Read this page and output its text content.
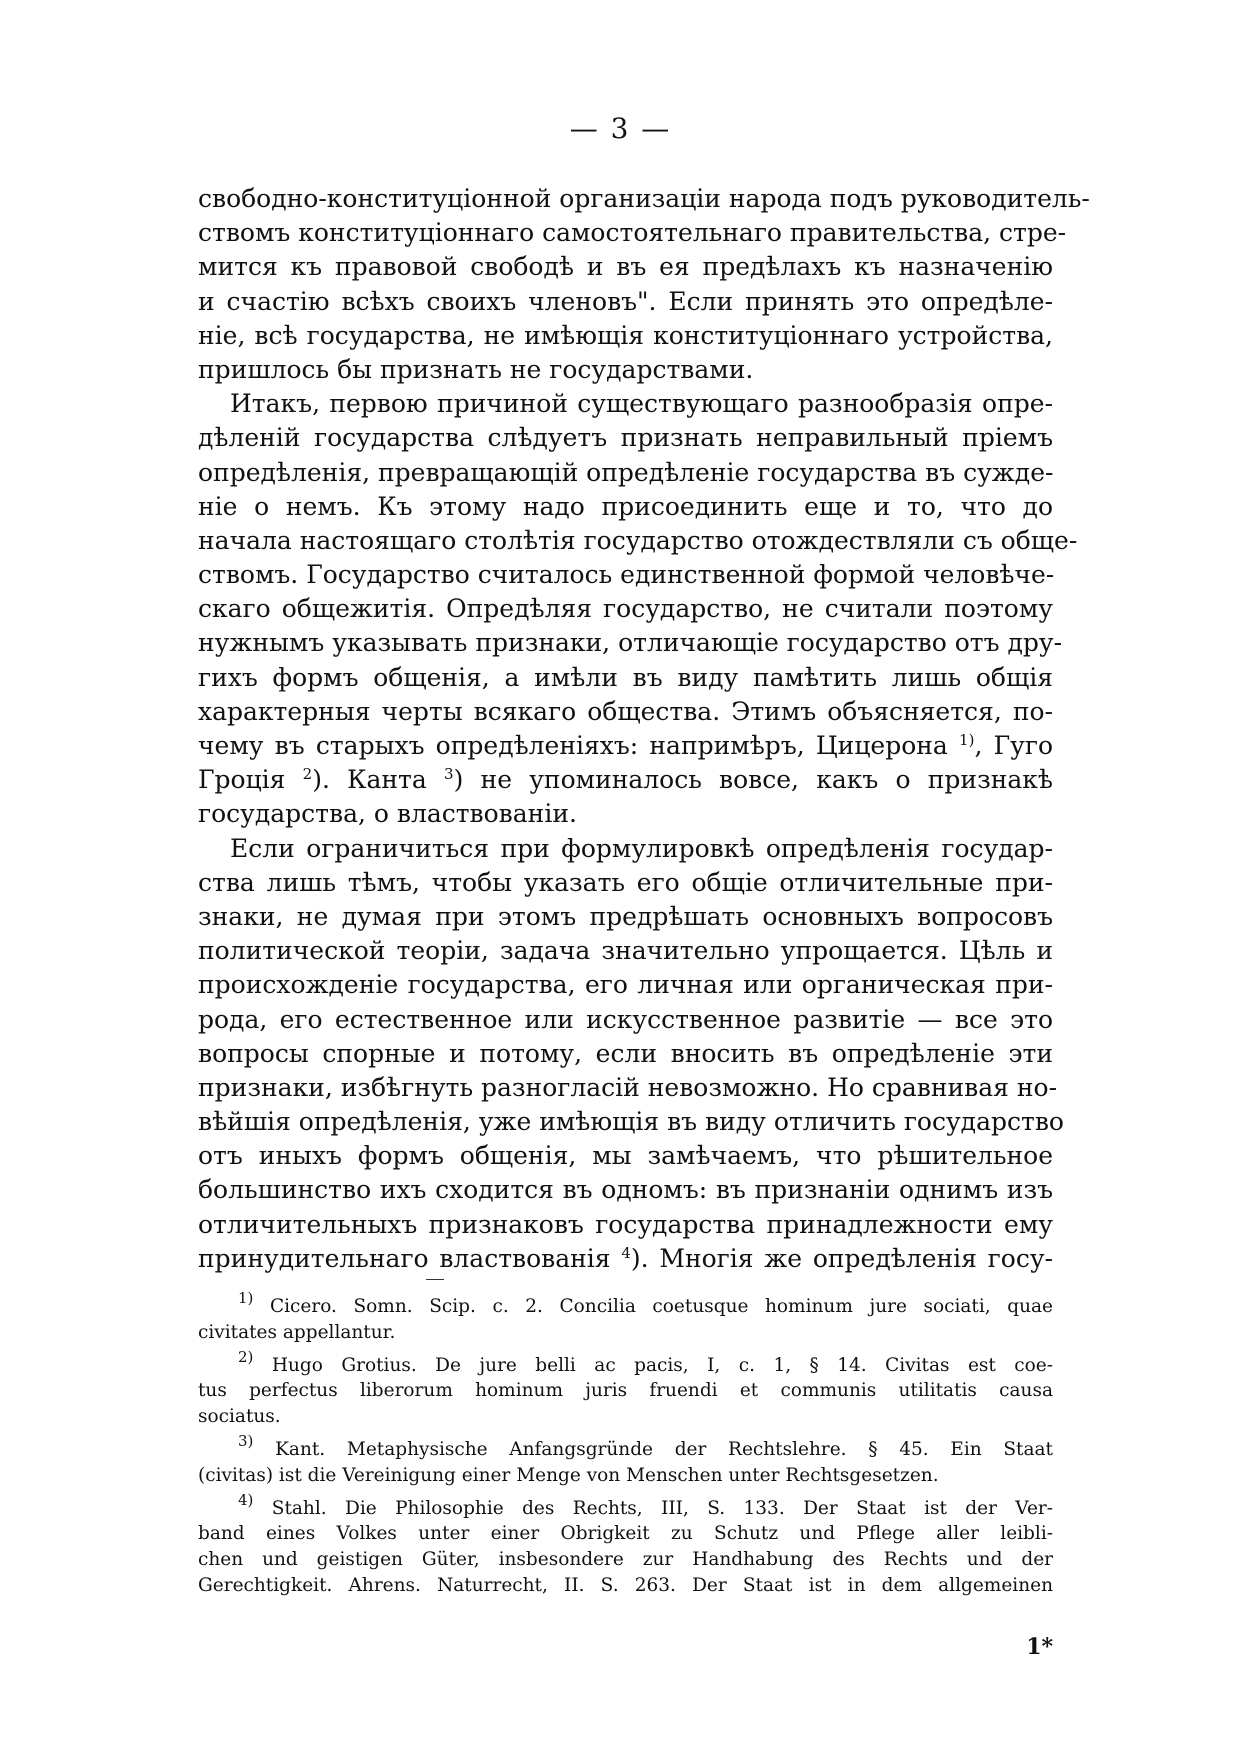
— 3 —
свободно-конституціонной организаціи народа подъ руководитель-
ствомъ конституціоннаго самостоятельнаго правительства, стре-
мится къ правовой свободѣ и въ ея предѣлахъ къ назначенію
и счастію всѣхъ своихъ членовъ". Если принять это опредѣле-
ніе, всѣ государства, не имѣющія конституціоннаго устройства,
пришлось бы признать не государствами.
Итакъ, первою причиной существующаго разнообразія опре-
дѣленій государства слѣдуетъ признать неправильный пріемъ
опредѣленія, превращающій опредѣленіе государства въ сужде-
ніе о немъ. Къ этому надо присоединить еще и то, что до
начала настоящаго столѣтія государство отождествляли съ обще-
ствомъ. Государство считалось единственной формой человѣче-
скаго общежитія. Опредѣляя государство, не считали поэтому
нужнымъ указывать признаки, отличающіе государство отъ дру-
гихъ формъ общенія, а имѣли въ виду памѣтить лишь общія
характерныя черты всякаго общества. Этимъ объясняется, по-
чему въ старыхъ опредѣленіяхъ: напримѣръ, Цицерона $^{1)}$, Гуго
Гроція $^2$). Канта $^3$) не упоминалось вовсе, какъ о признакѣ
государства, о властвованіи.
Если ограничиться при формулировкѣ опредѣленія государ-
ства лишь тѣмъ, чтобы указать его общіе отличительные при-
знаки, не думая при этомъ предрѣшать основныхъ вопросовъ
политической теоріи, задача значительно упрощается. Цѣль и
происхожденіе государства, его личная или органическая при-
рода, его естественное или искусственное развитіе — все это
вопросы спорные и потому, если вносить въ опредѣленіе эти
признаки, избѣгнуть разногласій невозможно. Но сравнивая но-
вѣйшія опредѣленія, уже имѣющія въ виду отличить государство
отъ иныхъ формъ общенія, мы замѣчаемъ, что рѣшительное
большинство ихъ сходится въ одномъ: въ признаніи однимъ изъ
отличительныхъ признаковъ государства принадлежности ему
принудительнаго властвованія $^4$). Многія же опредѣленія госу-
$^{1)}$ Cicero. Somn. Scip. c. 2. Concilia coetusque hominum jure sociati, quae
civitates appellantur.
$^{2)}$ Hugo Grotius. De jure belli ac pacis, I, c. 1, § 14. Civitas est coe-
tus perfectus liberorum hominum juris fruendi et communis utilitatis causa
sociatus.
$^{3)}$ Kant. Metaphysische Anfangsgründe der Rechtslehre. § 45. Ein Staat
(civitas) ist die Vereinigung einer Menge von Menschen unter Rechtsgesetzen.
$^{4)}$ Stahl. Die Philosophie des Rechts, III, S. 133. Der Staat ist der Ver-
band eines Volkes unter einer Obrigkeit zu Schutz und Pflege aller leibli-
chen und geistigen Güter, insbesondere zur Handhabung des Rechts und der
Gerechtigkeit. Ahrens. Naturrecht, II. S. 263. Der Staat ist in dem allgemeinen
1*
